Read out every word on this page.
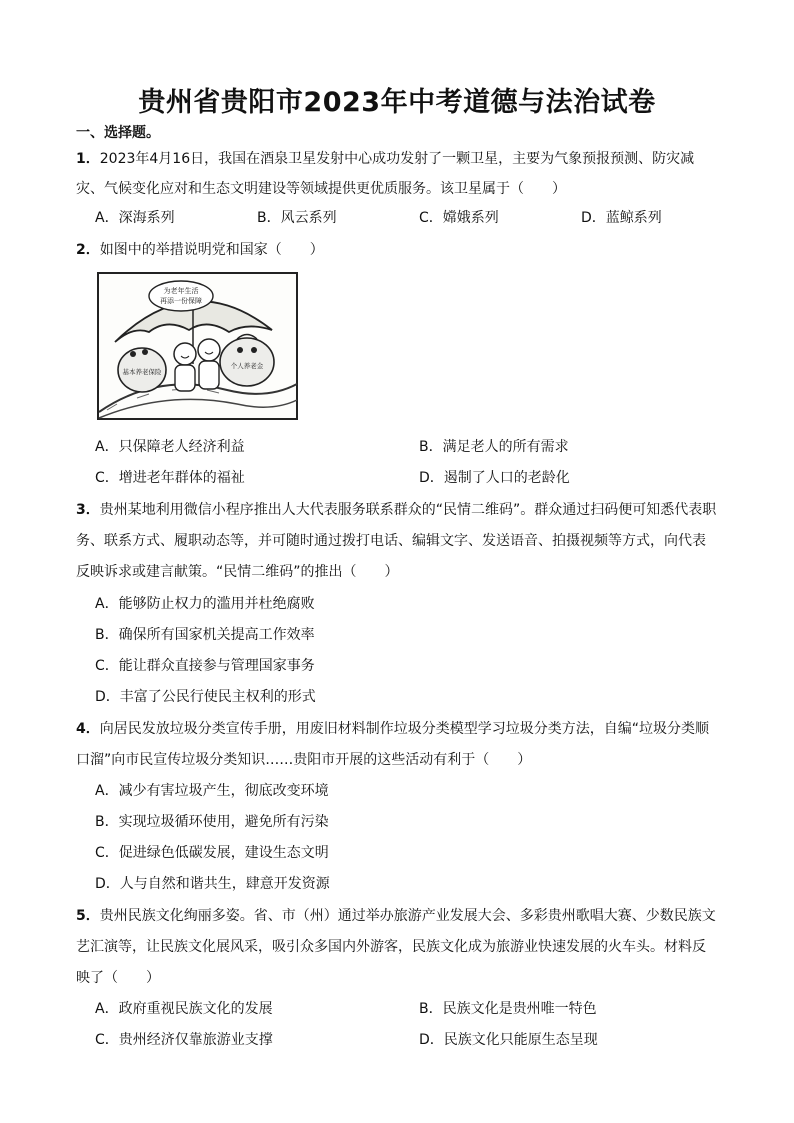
贵州省贵阳市2023年中考道德与法治试卷
一、选择题。
1．2023年4月16日，我国在酒泉卫星发射中心成功发射了一颗卫星，主要为气象预报预测、防灾减
灾、气候变化应对和生态文明建设等领域提供更优质服务。该卫星属于（　　）
A．深海系列	B．风云系列	C．嫦娥系列	D．蓝鲸系列
2．如图中的举措说明党和国家（　　）
为老年生活
再添一份保障
基本养老保险
个人养老金
A．只保障老人经济利益	B．满足老人的所有需求
C．增进老年群体的福祉	D．遏制了人口的老龄化
3．贵州某地利用微信小程序推出人大代表服务联系群众的“民情二维码”。群众通过扫码便可知悉代表职
务、联系方式、履职动态等，并可随时通过拨打电话、编辑文字、发送语音、拍摄视频等方式，向代表
反映诉求或建言献策。“民情二维码”的推出（　　）
A．能够防止权力的滥用并杜绝腐败
B．确保所有国家机关提高工作效率
C．能让群众直接参与管理国家事务
D．丰富了公民行使民主权利的形式
4．向居民发放垃圾分类宣传手册，用废旧材料制作垃圾分类模型学习垃圾分类方法，自编“垃圾分类顺
口溜”向市民宣传垃圾分类知识……贵阳市开展的这些活动有利于（　　）
A．减少有害垃圾产生，彻底改变环境
B．实现垃圾循环使用，避免所有污染
C．促进绿色低碳发展，建设生态文明
D．人与自然和谐共生，肆意开发资源
5．贵州民族文化绚丽多姿。省、市（州）通过举办旅游产业发展大会、多彩贵州歌唱大赛、少数民族文
艺汇演等，让民族文化展风采，吸引众多国内外游客，民族文化成为旅游业快速发展的火车头。材料反
映了（　　）
A．政府重视民族文化的发展	B．民族文化是贵州唯一特色
C．贵州经济仅靠旅游业支撑	D．民族文化只能原生态呈现
